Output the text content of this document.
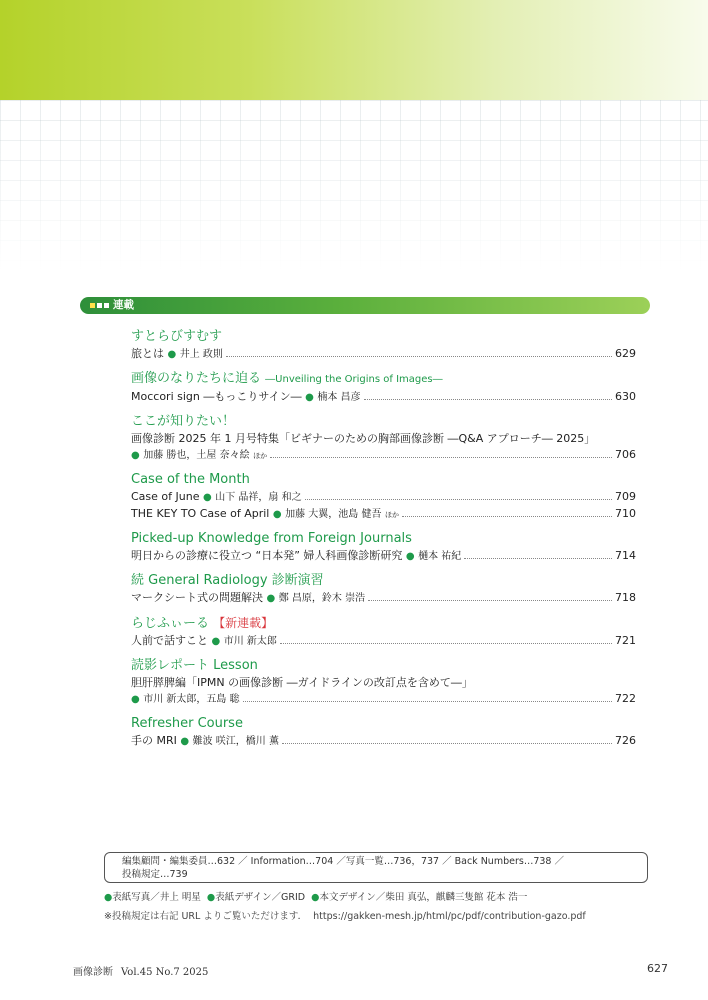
連載
すとらびすむす
旅とは ● 井上 政則	629
画像のなりたちに迫る ―Unveiling the Origins of Images―
Moccori sign ―もっこりサイン― ● 楠本 昌彦	630
ここが知りたい！
画像診断 2025 年 1 月号特集「ビギナーのための胸部画像診断 ―Q&A アプローチ― 2025」
● 加藤 勝也，土屋 奈々絵 ほか	706
Case of the Month
Case of June ● 山下 晶祥，扇 和之	709
THE KEY TO Case of April ● 加藤 大翼，池島 健吾 ほか	710
Picked-up Knowledge from Foreign Journals
明日からの診療に役立つ “日本発” 婦人科画像診断研究 ● 樋本 祐紀	714
続 General Radiology 診断演習
マークシート式の問題解決 ● 鄭 昌原，鈴木 崇浩	718
らじふぃーる 【新連載】
人前で話すこと ● 市川 新太郎	721
読影レポート Lesson
胆肝膵脾編「IPMN の画像診断 ―ガイドラインの改訂点を含めて―」
● 市川 新太郎，五島 聡	722
Refresher Course
手の MRI ● 難波 咲江，橋川 薫	726
編集顧問・編集委員…632 ／ Information…704 ／写真一覧…736，737 ／ Back Numbers…738 ／
投稿規定…739
●表紙写真／井上 明星 ●表紙デザイン／GRID ●本文デザイン／柴田 真弘，麒麟三隻館 花本 浩一
※投稿規定は右記 URL よりご覧いただけます． https://gakken-mesh.jp/html/pc/pdf/contribution-gazo.pdf
画像診断 Vol.45 No.7 2025	627
